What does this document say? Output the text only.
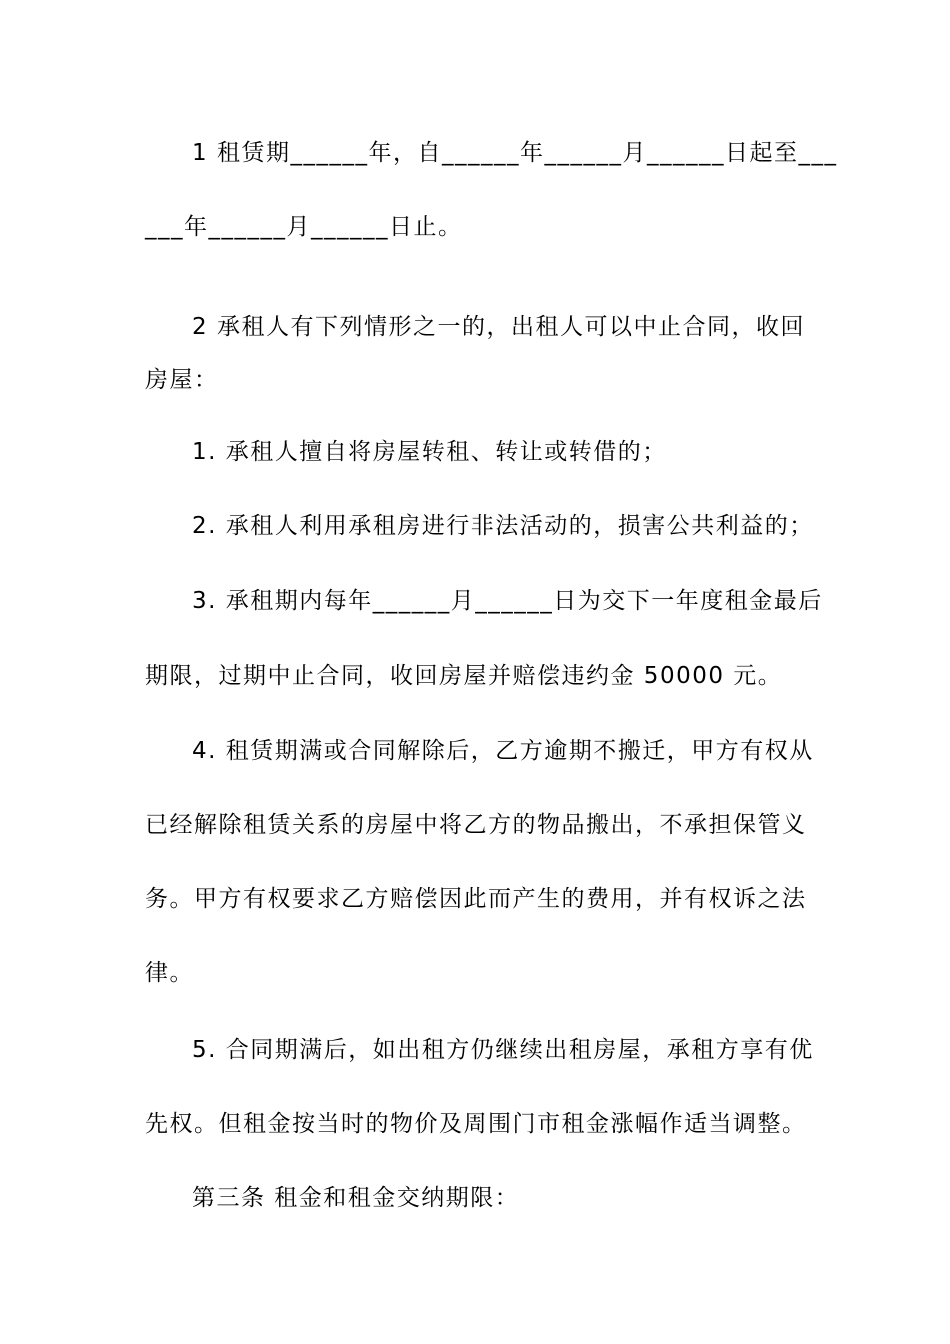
1 租赁期______年，自______年______月______日起至___
___年______月______日止。
2 承租人有下列情形之一的，出租人可以中止合同，收回
房屋：
1. 承租人擅自将房屋转租、转让或转借的；
2. 承租人利用承租房进行非法活动的，损害公共利益的；
3. 承租期内每年______月______日为交下一年度租金最后
期限，过期中止合同，收回房屋并赔偿违约金 50000 元。
4. 租赁期满或合同解除后，乙方逾期不搬迁，甲方有权从
已经解除租赁关系的房屋中将乙方的物品搬出，不承担保管义
务。甲方有权要求乙方赔偿因此而产生的费用，并有权诉之法
律。
5. 合同期满后，如出租方仍继续出租房屋，承租方享有优
先权。但租金按当时的物价及周围门市租金涨幅作适当调整。
第三条 租金和租金交纳期限：
